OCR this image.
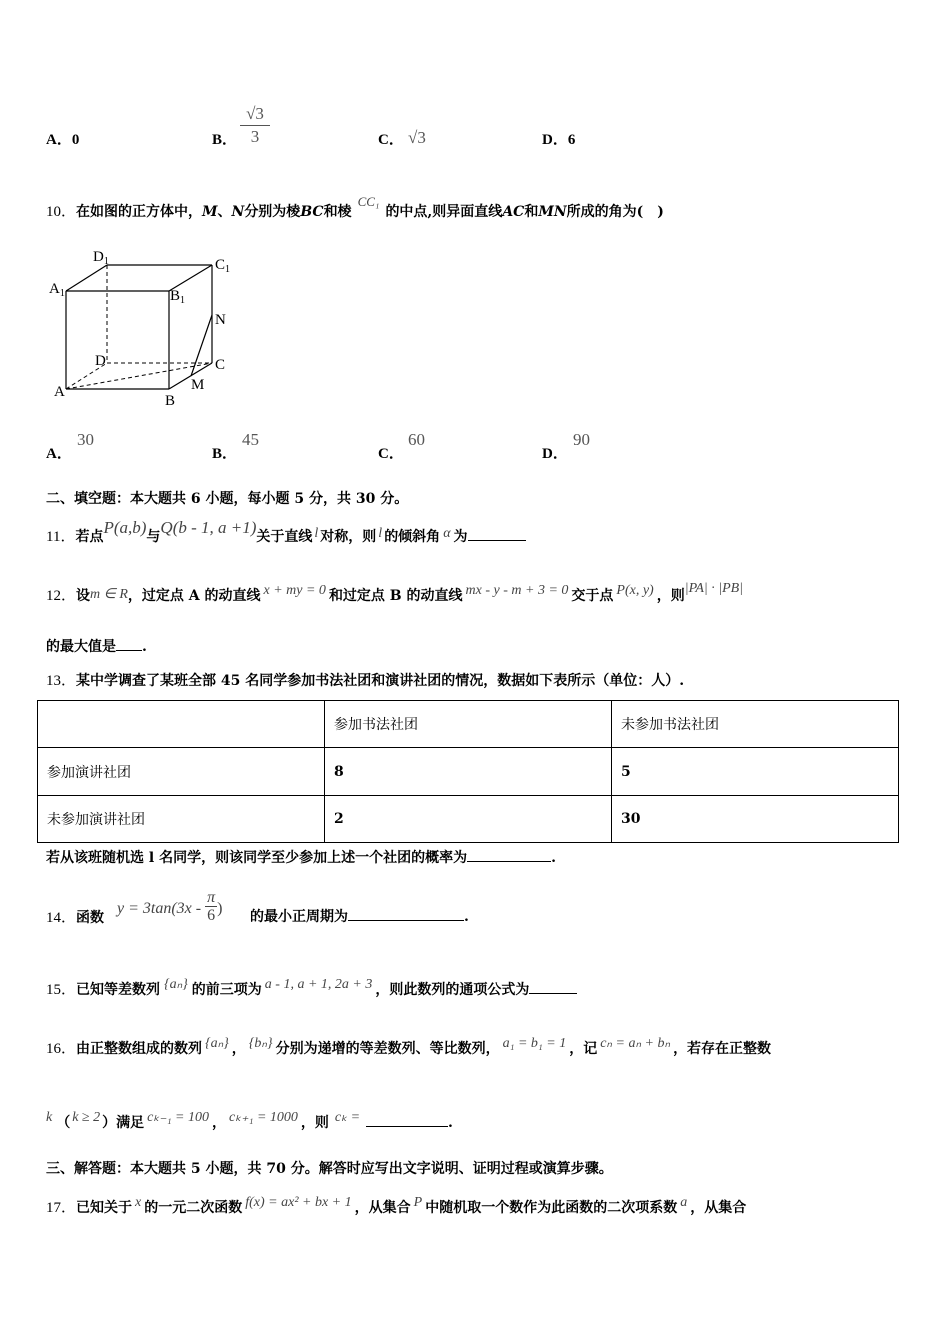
A．0	B． $\frac{√3}{3}$	C． √3	D．6
10．在如图的正方体中，M、N分别为棱BC和棱CC₁的中点,则异面直线AC和MN所成的角为(　)
$D_1$	$C_1$
$A_1$	$B_1$
N
D	C
A
B
M
A．
30
B．
45
C．
60
D．
90
二、填空题：本大题共 6 小题，每小题 5 分，共 30 分。
11．若点P(a,b)与Q(b - 1, a +1)关于直线 l 对称，则 l 的倾斜角 α 为
12．设m ∈ R，过定点 A 的动直线 x + my = 0 和过定点 B 的动直线 mx - y - m + 3 = 0 交于点 P(x, y) ，则|PA| · |PB|
的最大值是 .
13．某中学调查了某班全部 45 名同学参加书法社团和演讲社团的情况，数据如下表所示（单位：人）.
	参加书法社团	未参加书法社团
参加演讲社团	8	5
未参加演讲社团	2	30
若从该班随机选 l 名同学，则该同学至少参加上述一个社团的概率为	.
14．函数
$y = 3\tan(3x - \frac{\pi}{6}$ ) 的最小正周期为	.
15．已知等差数列 {aₙ} 的前三项为 a - 1, a + 1, 2a + 3 ，则此数列的通项公式为
16．由正整数组成的数列 {aₙ} ， {bₙ} 分别为递增的等差数列、等比数列， a₁ = b₁ = 1 ，记 cₙ = aₙ + bₙ ，若存在正整数
k （ k ≥ 2 ）满足 cₖ₋₁ = 100 ， cₖ₊₁ = 1000 ，则 cₖ =	.
三、解答题：本大题共 5 小题，共 70 分。解答时应写出文字说明、证明过程或演算步骤。
17．已知关于 x 的一元二次函数 f(x) = ax² + bx + 1 ，从集合 P 中随机取一个数作为此函数的二次项系数 a ，从集合
